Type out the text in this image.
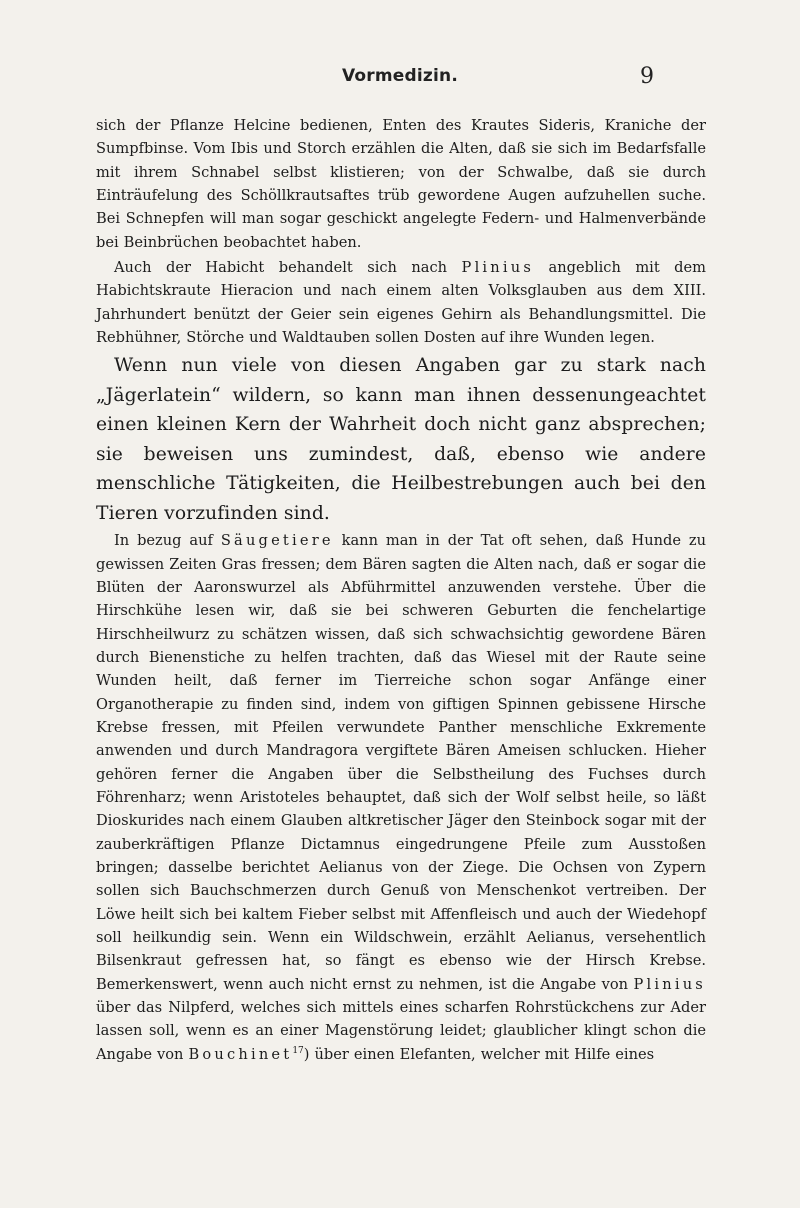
Vormedizin.	9

sich der Pflanze Helcine bedienen, Enten des Krautes Sideris, Kraniche der Sumpfbinse. Vom Ibis und Storch erzählen die Alten, daß sie sich im Bedarfsfalle mit ihrem Schnabel selbst klistieren; von der Schwalbe, daß sie durch Einträufelung des Schöllkrautsaftes trüb gewordene Augen aufzuhellen suche. Bei Schnepfen will man sogar geschickt angelegte Federn- und Halmenverbände bei Beinbrüchen beobachtet haben.

Auch der Habicht behandelt sich nach Plinius angeblich mit dem Habichtskraute Hieracion und nach einem alten Volksglauben aus dem XIII. Jahrhundert benützt der Geier sein eigenes Gehirn als Behandlungsmittel. Die Rebhühner, Störche und Waldtauben sollen Dosten auf ihre Wunden legen.

Wenn nun viele von diesen Angaben gar zu stark nach „Jägerlatein“ wildern, so kann man ihnen dessenungeachtet einen kleinen Kern der Wahrheit doch nicht ganz absprechen; sie beweisen uns zumindest, daß, ebenso wie andere menschliche Tätigkeiten, die Heilbestrebungen auch bei den Tieren vorzufinden sind.

In bezug auf Säugetiere kann man in der Tat oft sehen, daß Hunde zu gewissen Zeiten Gras fressen; dem Bären sagten die Alten nach, daß er sogar die Blüten der Aaronswurzel als Abführmittel anzuwenden verstehe. Über die Hirschkühe lesen wir, daß sie bei schweren Geburten die fenchelartige Hirschheilwurz zu schätzen wissen, daß sich schwachsichtig gewordene Bären durch Bienenstiche zu helfen trachten, daß das Wiesel mit der Raute seine Wunden heilt, daß ferner im Tierreiche schon sogar Anfänge einer Organotherapie zu finden sind, indem von giftigen Spinnen gebissene Hirsche Krebse fressen, mit Pfeilen verwundete Panther menschliche Exkremente anwenden und durch Mandragora vergiftete Bären Ameisen schlucken. Hieher gehören ferner die Angaben über die Selbstheilung des Fuchses durch Föhrenharz; wenn Aristoteles behauptet, daß sich der Wolf selbst heile, so läßt Dioskurides nach einem Glauben altkretischer Jäger den Steinbock sogar mit der zauberkräftigen Pflanze Dictamnus eingedrungene Pfeile zum Ausstoßen bringen; dasselbe berichtet Aelianus von der Ziege. Die Ochsen von Zypern sollen sich Bauchschmerzen durch Genuß von Menschenkot vertreiben. Der Löwe heilt sich bei kaltem Fieber selbst mit Affenfleisch und auch der Wiedehopf soll heilkundig sein. Wenn ein Wildschwein, erzählt Aelianus, versehentlich Bilsenkraut gefressen hat, so fängt es ebenso wie der Hirsch Krebse. Bemerkenswert, wenn auch nicht ernst zu nehmen, ist die Angabe von Plinius über das Nilpferd, welches sich mittels eines scharfen Rohrstückchens zur Ader lassen soll, wenn es an einer Magenstörung leidet; glaublicher klingt schon die Angabe von Bouchinet$^{17}$) über einen Elefanten, welcher mit Hilfe eines
